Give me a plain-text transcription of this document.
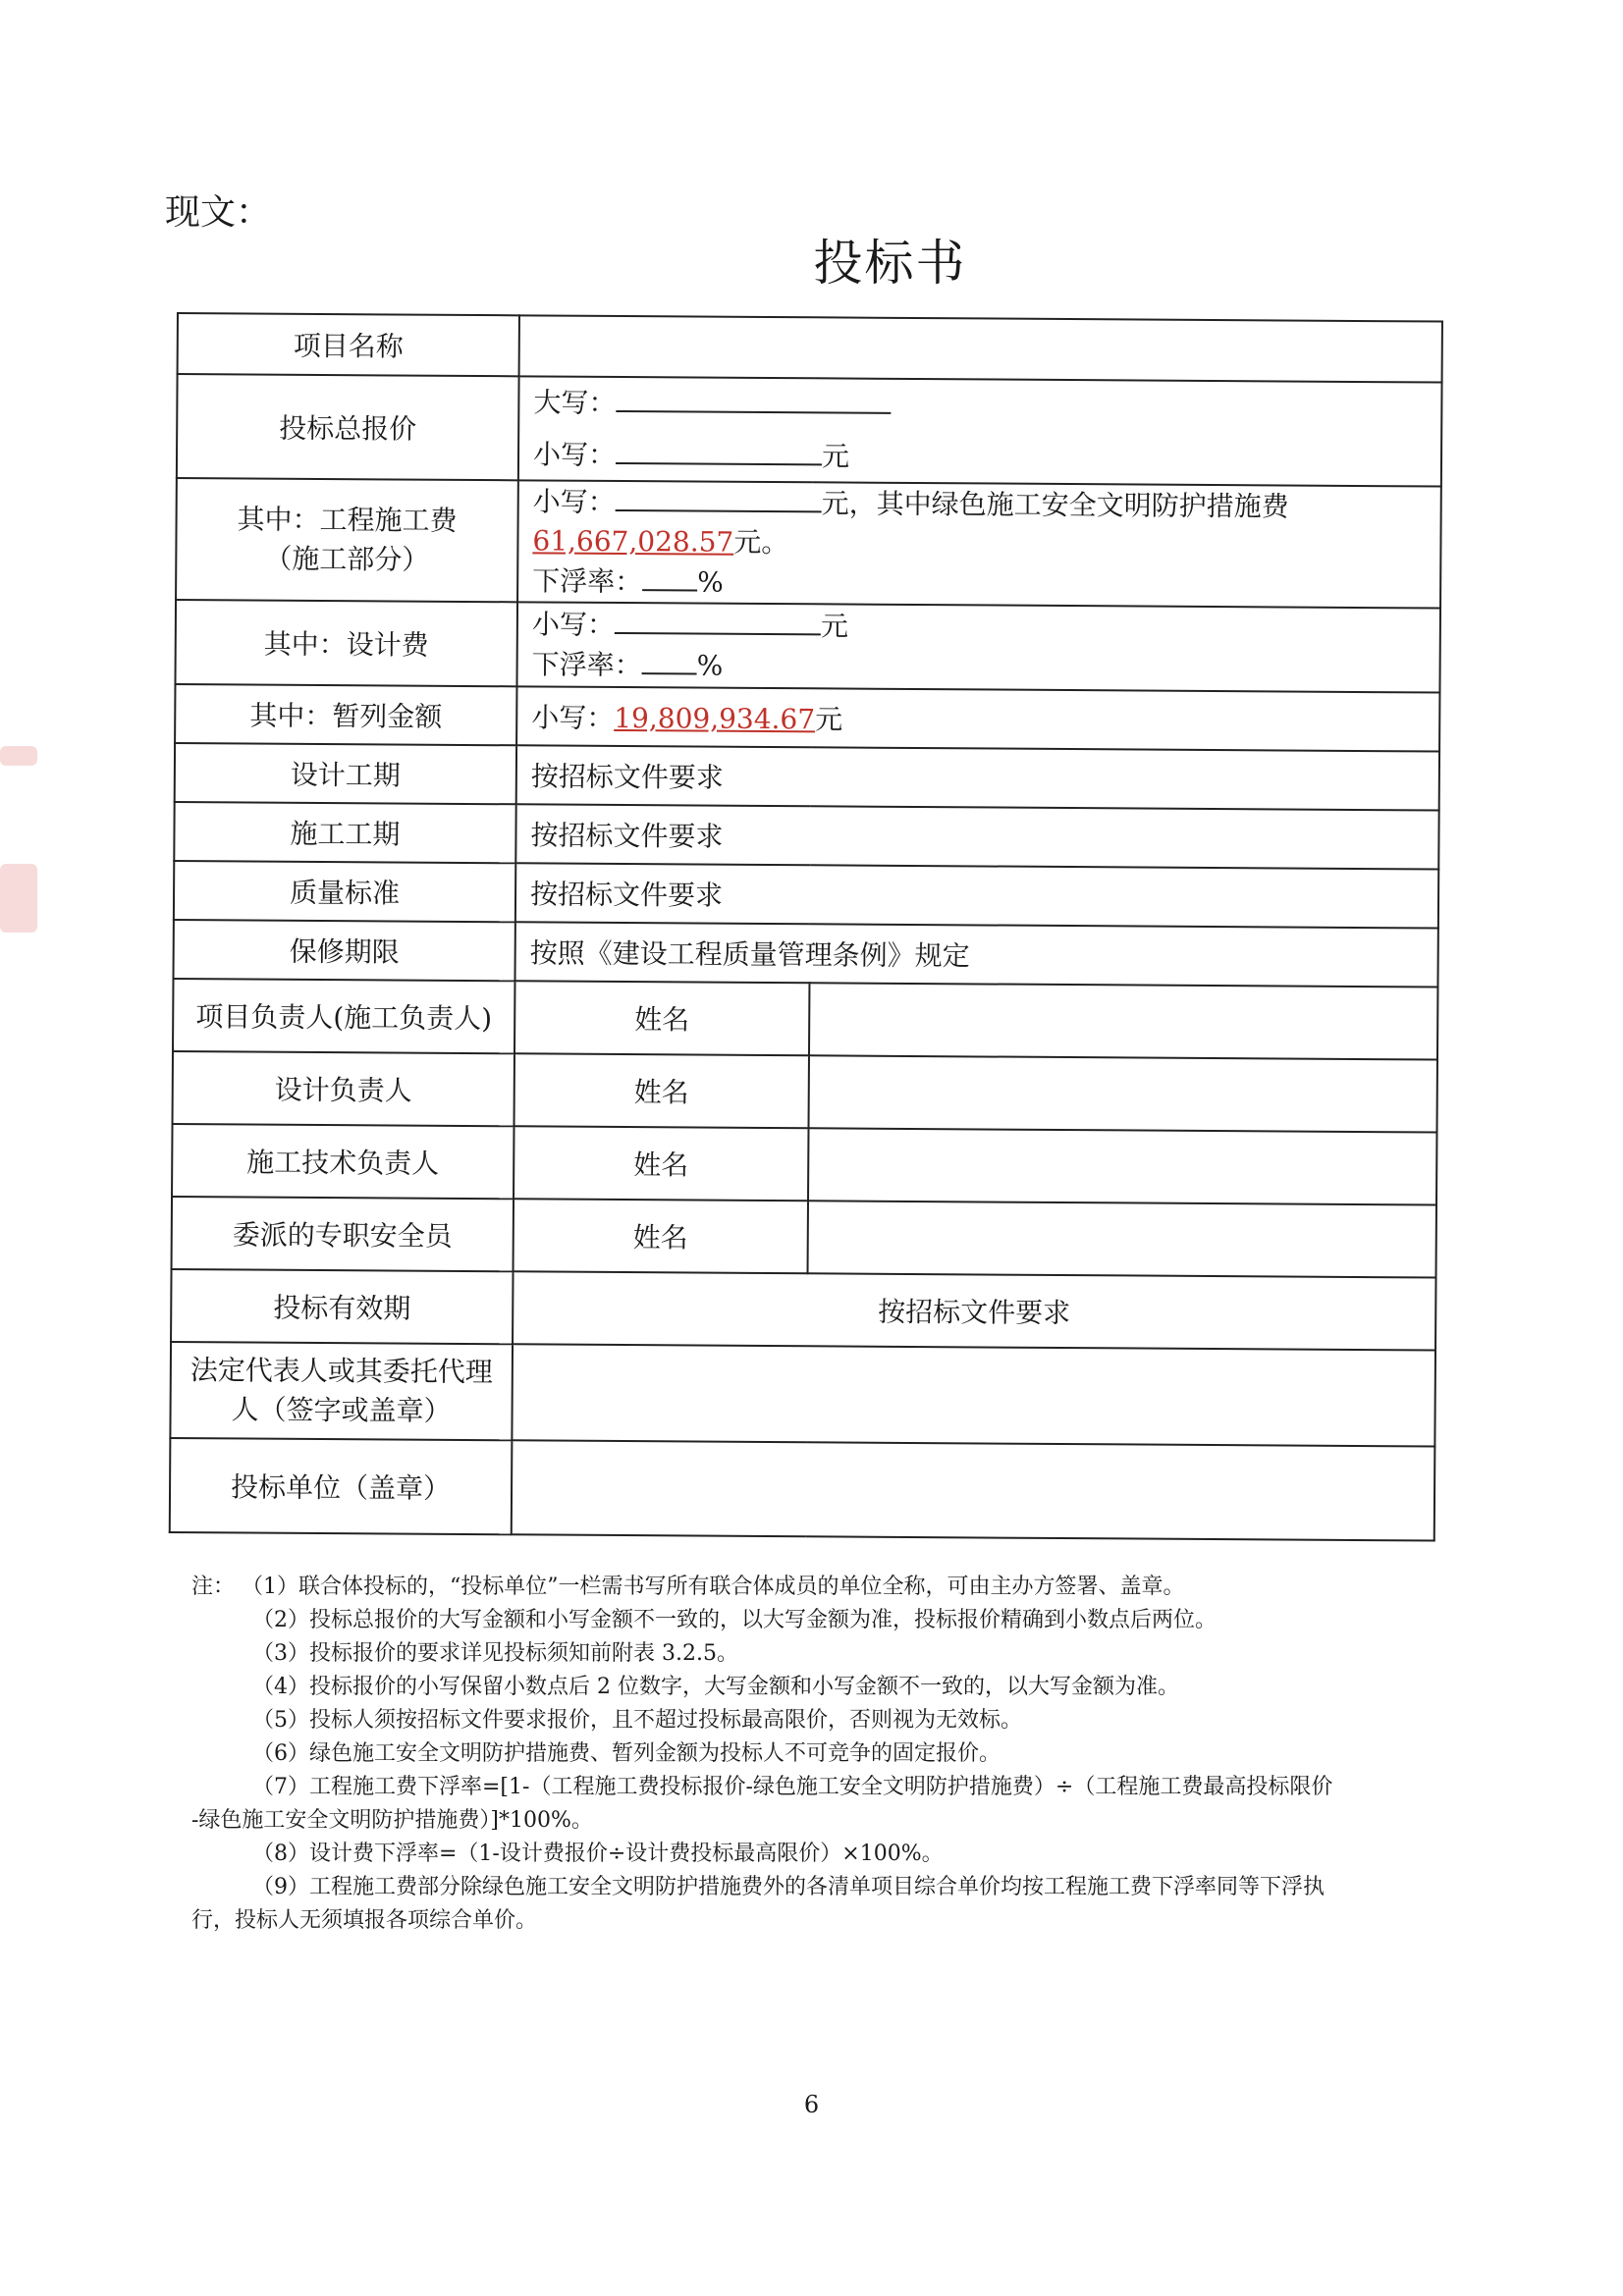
现文：
投标书
项目名称		
投标总报价	大写：
小写： 元	

其中：工程施工费
（施工部分）	小写： 元，其中绿色施工安全文明防护措施费
61,667,028.57元。
下浮率： %	

其中：设计费	小写： 元
下浮率： %	

其中：暂列金额	小写：19,809,934.67元	
设计工期	按招标文件要求	
施工工期	按招标文件要求	
质量标准	按招标文件要求	
保修期限	按照《建设工程质量管理条例》规定	
项目负责人(施工负责人)	姓名	
设计负责人	姓名	
施工技术负责人	姓名	
委派的专职安全员	姓名	
投标有效期	按招标文件要求	

法定代表人或其委托代理
人（签字或盖章）		

投标单位（盖章）		
注： （1）联合体投标的，“投标单位”一栏需书写所有联合体成员的单位全称，可由主办方签署、盖章。
（2）投标总报价的大写金额和小写金额不一致的，以大写金额为准，投标报价精确到小数点后两位。
（3）投标报价的要求详见投标须知前附表 3.2.5。
（4）投标报价的小写保留小数点后 2 位数字，大写金额和小写金额不一致的，以大写金额为准。
（5）投标人须按招标文件要求报价，且不超过投标最高限价，否则视为无效标。
（6）绿色施工安全文明防护措施费、暂列金额为投标人不可竞争的固定报价。
（7）工程施工费下浮率=[1-（工程施工费投标报价-绿色施工安全文明防护措施费）÷（工程施工费最高投标限价
-绿色施工安全文明防护措施费）]*100%。
（8）设计费下浮率=（1-设计费报价÷设计费投标最高限价）×100%。
（9）工程施工费部分除绿色施工安全文明防护措施费外的各清单项目综合单价均按工程施工费下浮率同等下浮执
行，投标人无须填报各项综合单价。
6
